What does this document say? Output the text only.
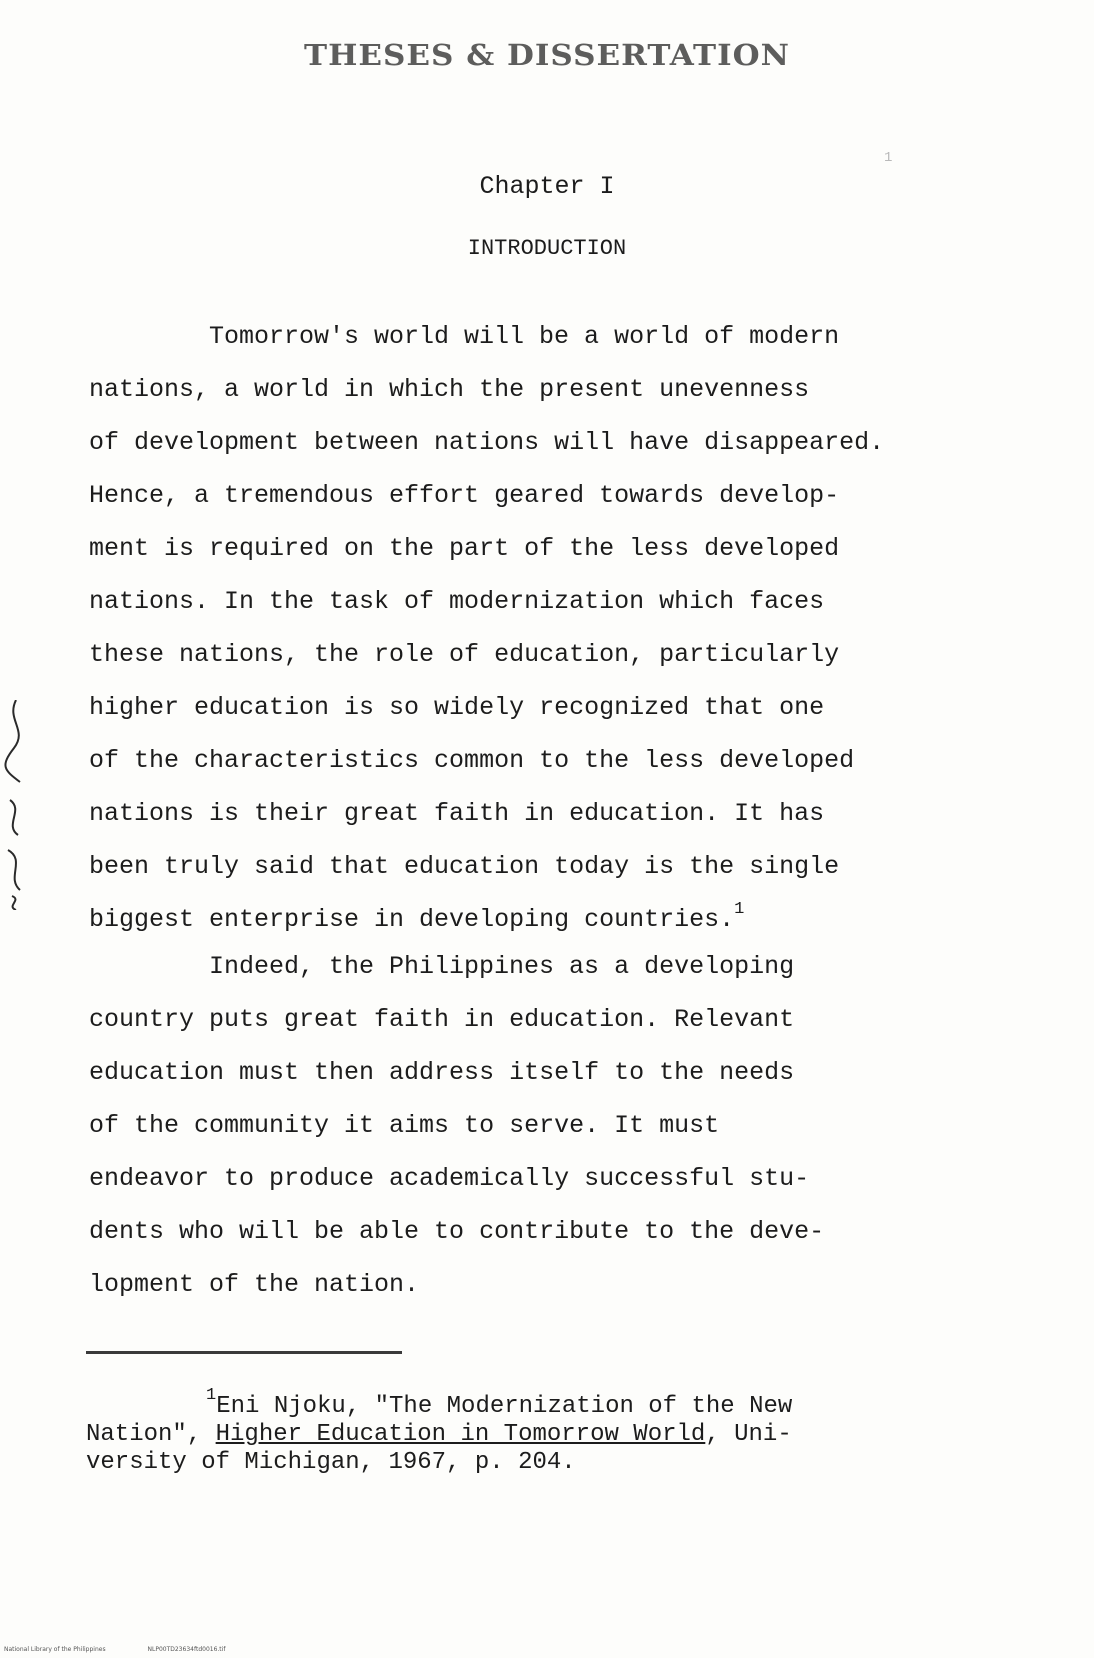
THESES & DISSERTATION
1
Chapter I
INTRODUCTION

Tomorrow's world will be a world of modern
nations, a world in which the present unevenness
of development between nations will have disappeared.
Hence, a tremendous effort geared towards develop-
ment is required on the part of the less developed
nations. In the task of modernization which faces
these nations, the role of education, particularly
higher education is so widely recognized that one
of the characteristics common to the less developed
nations is their great faith in education. It has
been truly said that education today is the single
biggest enterprise in developing countries.$^1$

Indeed, the Philippines as a developing
country puts great faith in education. Relevant
education must then address itself to the needs
of the community it aims to serve. It must
endeavor to produce academically successful stu-
dents who will be able to contribute to the deve-
lopment of the nation.

$^1$Eni Njoku, "The Modernization of the New
Nation", Higher Education in Tomorrow World, Uni-
versity of Michigan, 1967, p. 204.

National Library of the Philippines	NLP00TD23634ftd0016.tif
